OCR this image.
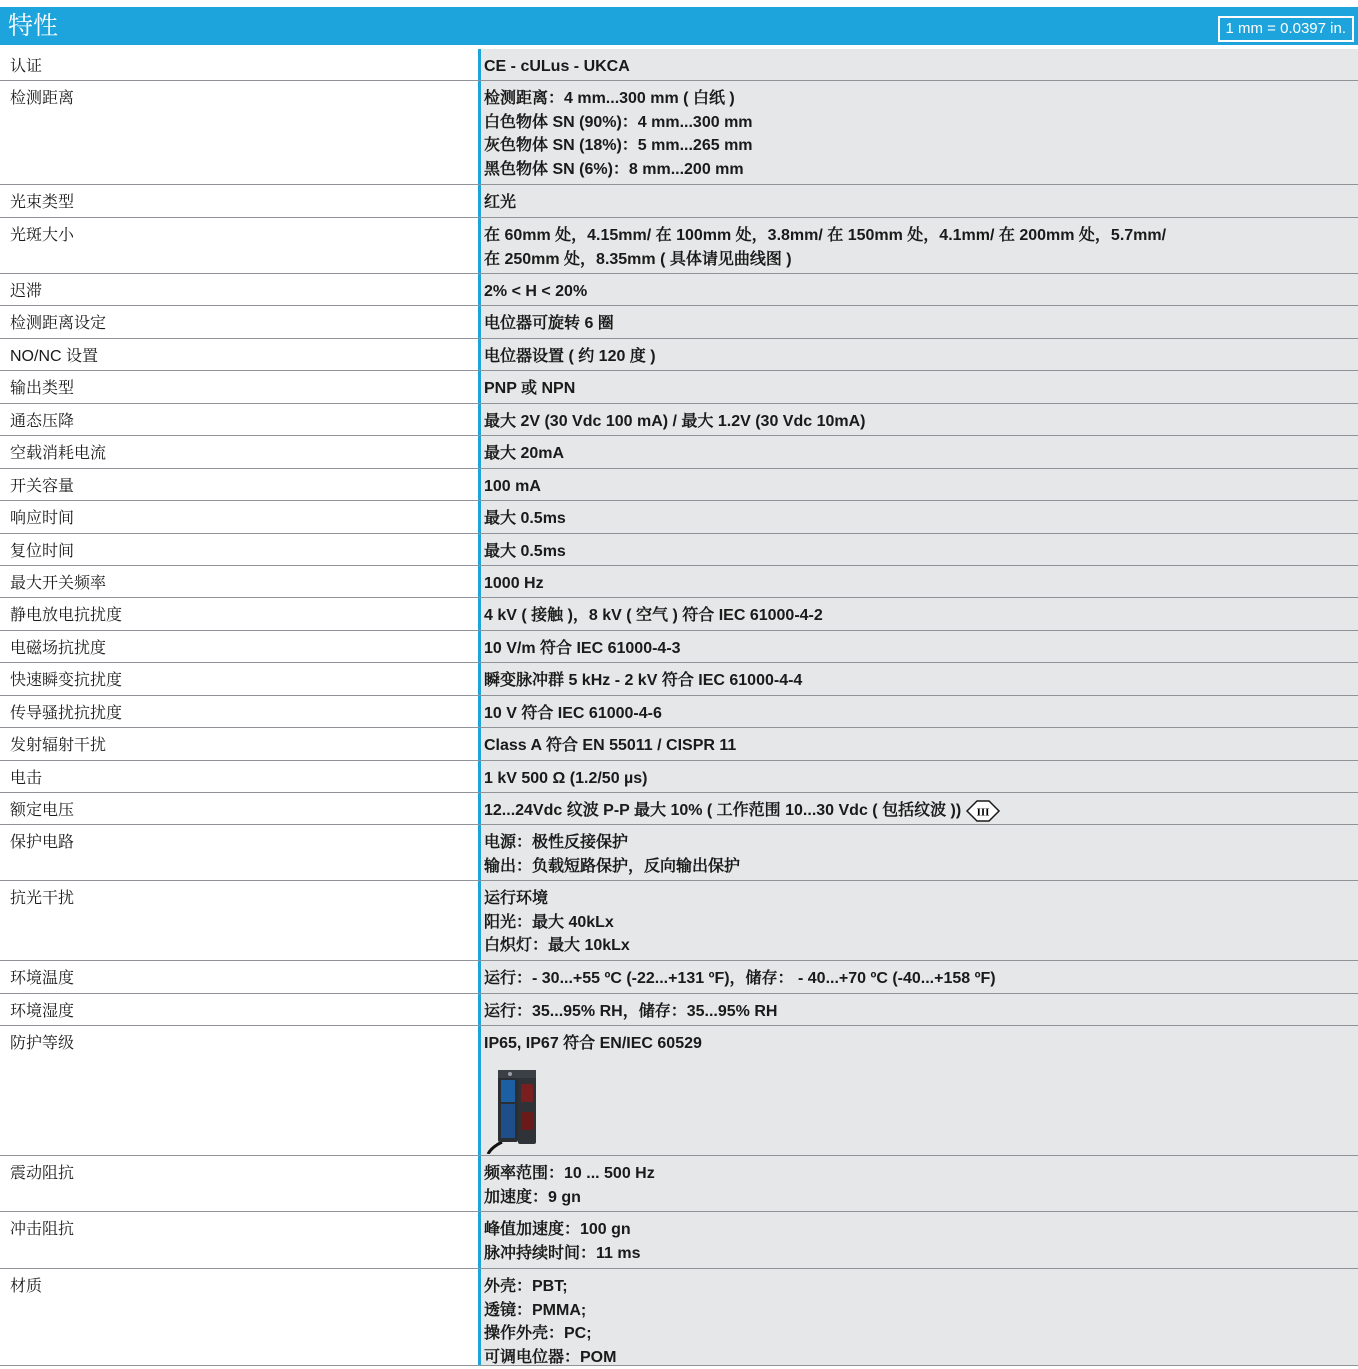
特性	1 mm = 0.0397 in.
认证	CE - cULus - UKCA
检测距离	检测距离：4 mm...300 mm ( 白纸 )
白色物体 SN (90%)：4 mm...300 mm
灰色物体 SN (18%)：5 mm...265 mm
黑色物体 SN (6%)：8 mm...200 mm
光束类型	红光
光斑大小	在 60mm 处，4.15mm/ 在 100mm 处，3.8mm/ 在 150mm 处，4.1mm/ 在 200mm 处，5.7mm/
在 250mm 处，8.35mm ( 具体请见曲线图 )
迟滞	2% < H < 20%
检测距离设定	电位器可旋转 6 圈
NO/NC 设置	电位器设置 ( 约 120 度 )
输出类型	PNP 或 NPN
通态压降	最大 2V (30 Vdc 100 mA) / 最大 1.2V (30 Vdc 10mA)
空载消耗电流	最大 20mA
开关容量	100 mA
响应时间	最大 0.5ms
复位时间	最大 0.5ms
最大开关频率	1000 Hz
静电放电抗扰度	4 kV ( 接触 )，8 kV ( 空气 ) 符合 IEC 61000-4-2
电磁场抗扰度	10 V/m 符合 IEC 61000-4-3
快速瞬变抗扰度	瞬变脉冲群 5 kHz - 2 kV 符合 IEC 61000-4-4
传导骚扰抗扰度	10 V 符合 IEC 61000-4-6
发射辐射干扰	Class A 符合 EN 55011 / CISPR 11
电击	1 kV 500 Ω (1.2/50 µs)
额定电压	12...24Vdc 纹波 P-P 最大 10% ( 工作范围 10...30 Vdc ( 包括纹波 )) III
保护电路	电源：极性反接保护
输出：负载短路保护，反向输出保护
抗光干扰	运行环境
阳光：最大 40kLx
白炽灯：最大 10kLx
环境温度	运行：- 30...+55 ºC (-22...+131 ºF)，储存： - 40...+70 ºC (-40...+158 ºF)
环境湿度	运行：35...95% RH，储存：35...95% RH
防护等级	IP65, IP67 符合 EN/IEC 60529
震动阻抗	频率范围：10 ... 500 Hz
加速度：9 gn
冲击阻抗	峰值加速度：100 gn
脉冲持续时间：11 ms
材质	外壳：PBT;
透镜：PMMA;
操作外壳：PC;
可调电位器：POM
